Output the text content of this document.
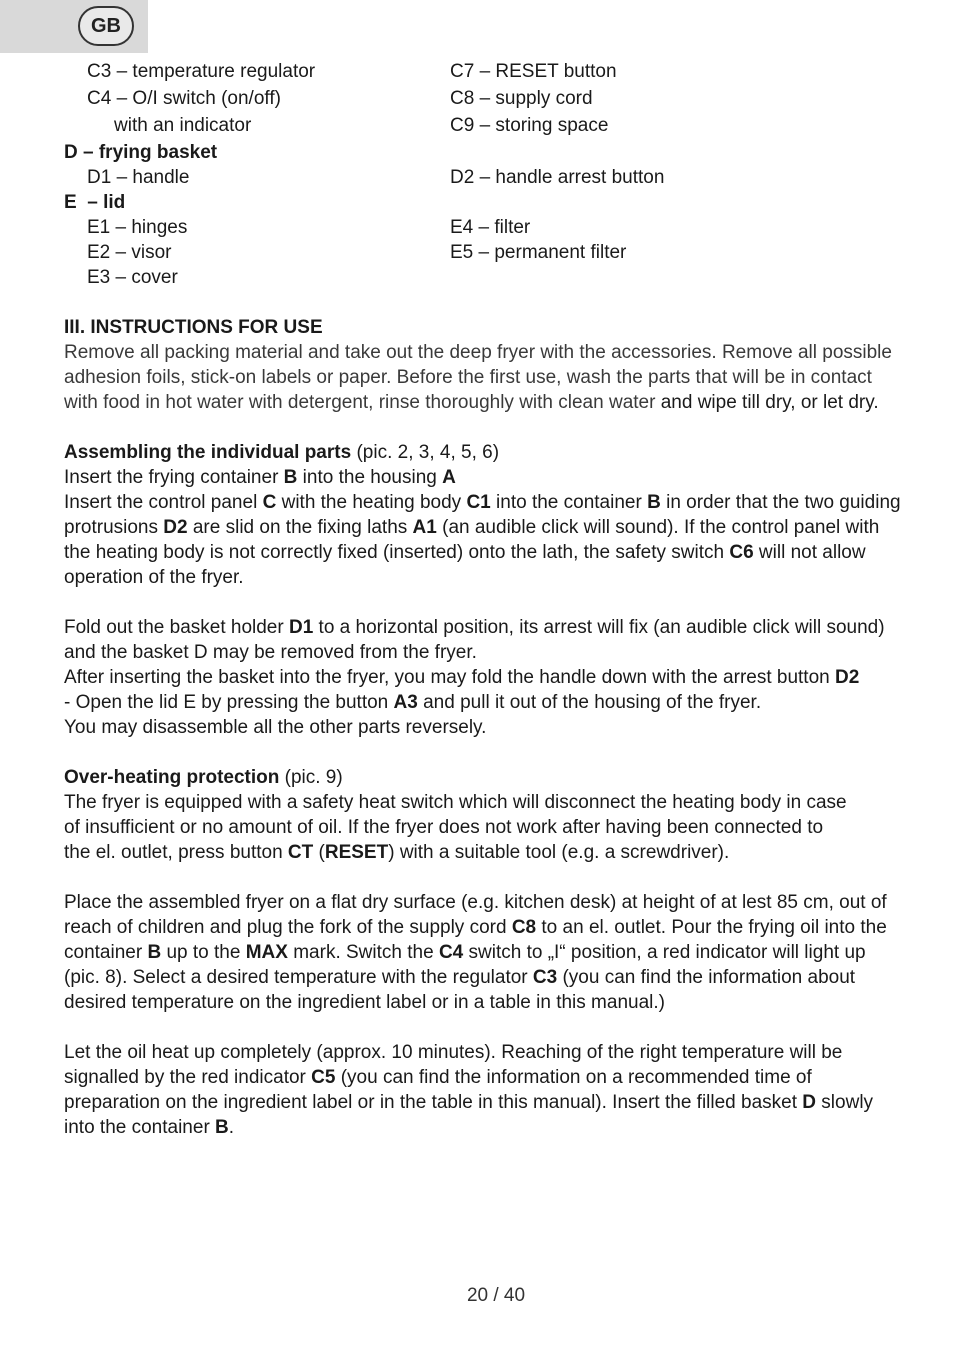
GB
C3 – temperature regulator	C7 – RESET button
C4 – O/I switch (on/off)	C8 – supply cord
with an indicator	C9 – storing space
D – frying basket
D1 – handle	D2 – handle arrest button
E  – lid
E1 – hinges	E4 – filter
E2 – visor	E5 – permanent filter
E3 – cover
III. INSTRUCTIONS FOR USE

Remove all packing material and take out the deep fryer with the accessories. Remove all possible adhesion foils, stick-on labels or paper. Before the first use, wash the parts that will be in contact with food in hot water with detergent, rinse thoroughly with clean water and wipe till dry, or let dry.

Assembling the individual parts (pic. 2, 3, 4, 5, 6)

Insert the frying container B into the housing A

Insert the control panel C with the heating body C1 into the container B in order that the two guiding protrusions D2 are slid on the fixing laths A1 (an audible click will sound). If the control panel with the heating body is not correctly fixed (inserted) onto the lath, the safety switch C6 will not allow operation of the fryer.

Fold out the basket holder D1 to a horizontal position, its arrest will fix (an audible click will sound) and the basket D may be removed from the fryer.

After inserting the basket into the fryer, you may fold the handle down with the arrest button D2

- Open the lid E by pressing the button A3 and pull it out of the housing of the fryer.

You may disassemble all the other parts reversely.

Over-heating protection (pic. 9)

The fryer is equipped with a safety heat switch which will disconnect the heating body in case of insufficient or no amount of oil. If the fryer does not work after having been connected to the el. outlet, press button CT (RESET) with a suitable tool (e.g. a screwdriver).

Place the assembled fryer on a flat dry surface (e.g. kitchen desk) at height of at lest 85 cm, out of reach of children and plug the fork of the supply cord C8 to an el. outlet. Pour the frying oil into the container B up to the MAX mark. Switch the C4 switch to „I“ position, a red indicator will light up (pic. 8). Select a desired temperature with the regulator C3 (you can find the information about desired temperature on the ingredient label or in a table in this manual.)

Let the oil heat up completely (approx. 10 minutes). Reaching of the right temperature will be signalled by the red indicator C5 (you can find the information on a recommended time of preparation on the ingredient label or in the table in this manual). Insert the filled basket D slowly into the container B.

20 / 40
